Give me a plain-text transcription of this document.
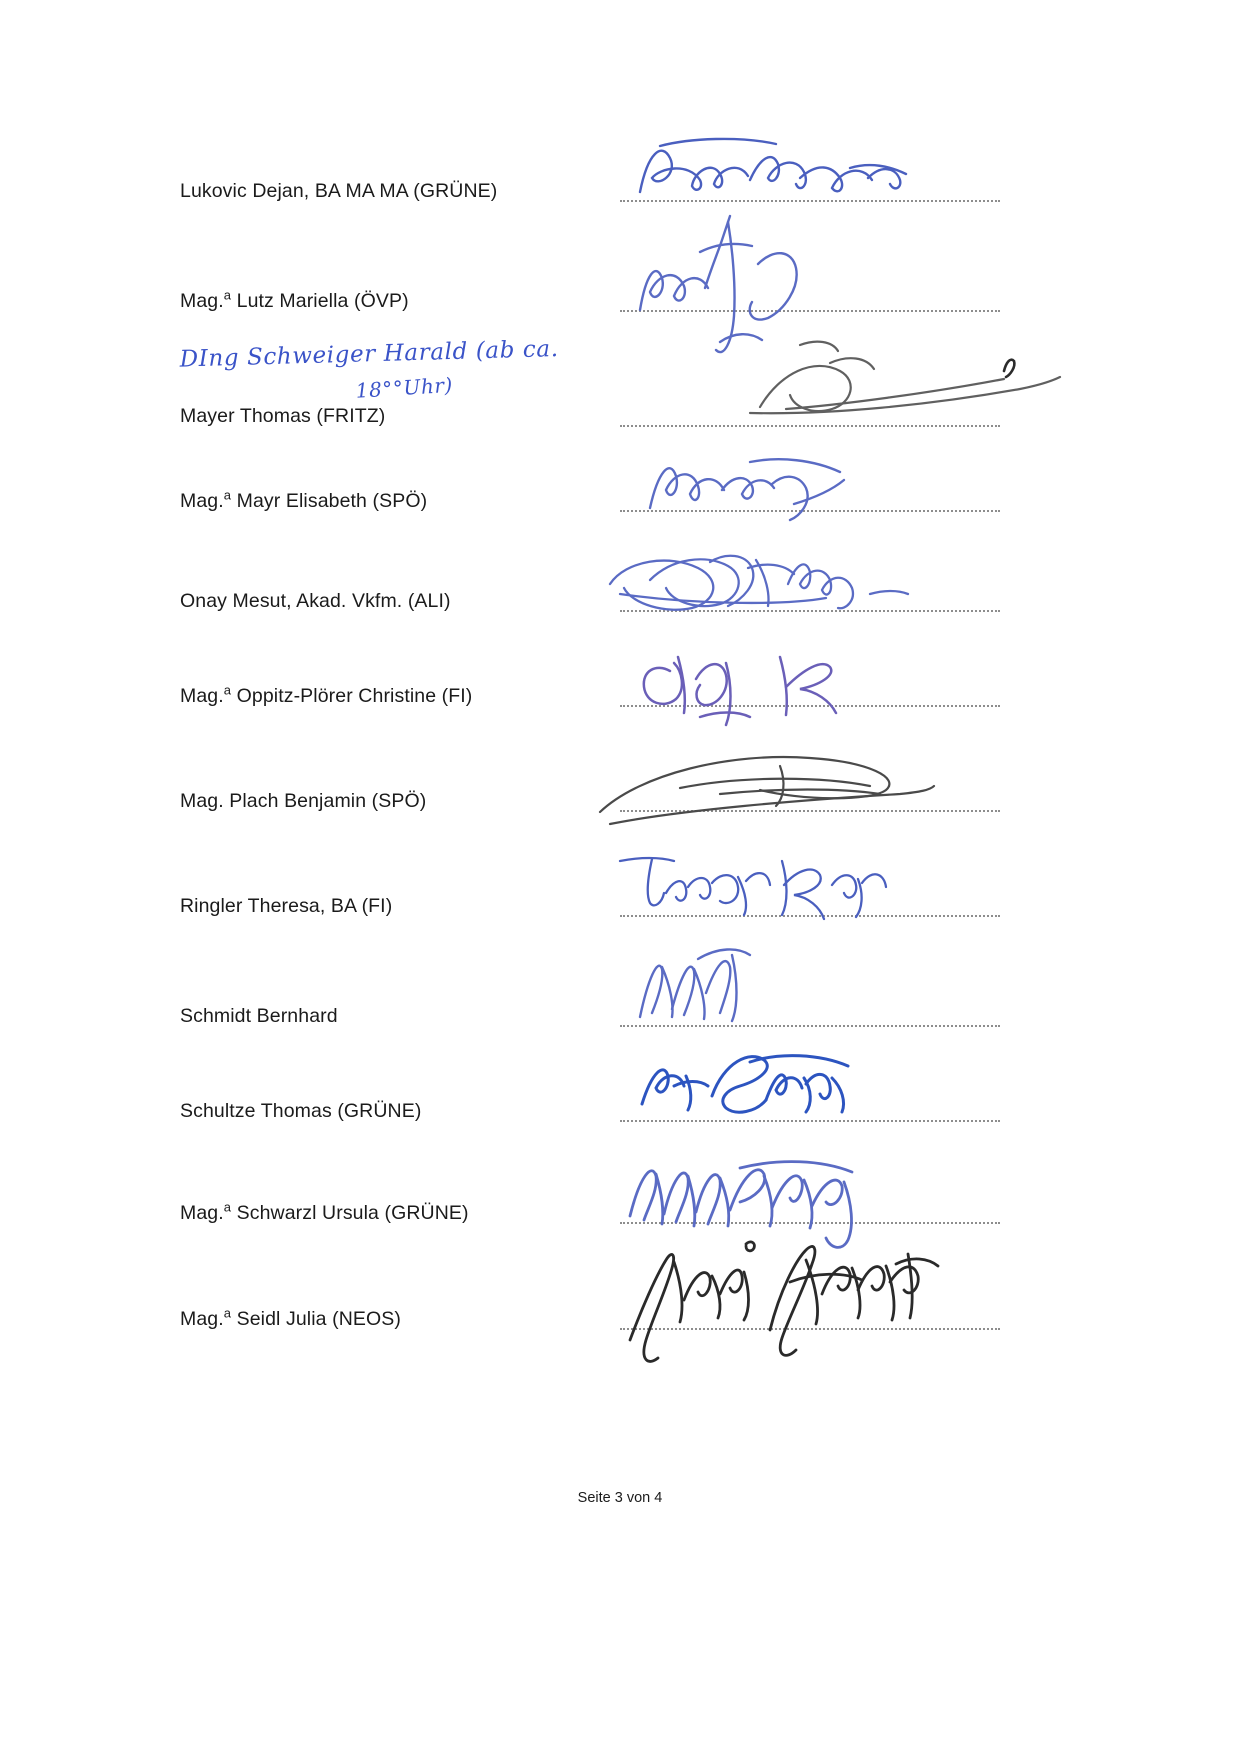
Lukovic Dejan, BA MA MA (GRÜNE)
Mag.$^a$ Lutz Mariella (ÖVP)
DIng Schweiger Harald (ab ca.
18°°Uhr)
Mayer Thomas (FRITZ)
Mag.$^a$ Mayr Elisabeth (SPÖ)
Onay Mesut, Akad. Vkfm. (ALI)
Mag.$^a$ Oppitz-Plörer Christine (FI)
Mag. Plach Benjamin (SPÖ)
Ringler Theresa, BA (FI)
Schmidt Bernhard
Schultze Thomas (GRÜNE)
Mag.$^a$ Schwarzl Ursula (GRÜNE)
Mag.$^a$ Seidl Julia (NEOS)
Seite 3 von 4
